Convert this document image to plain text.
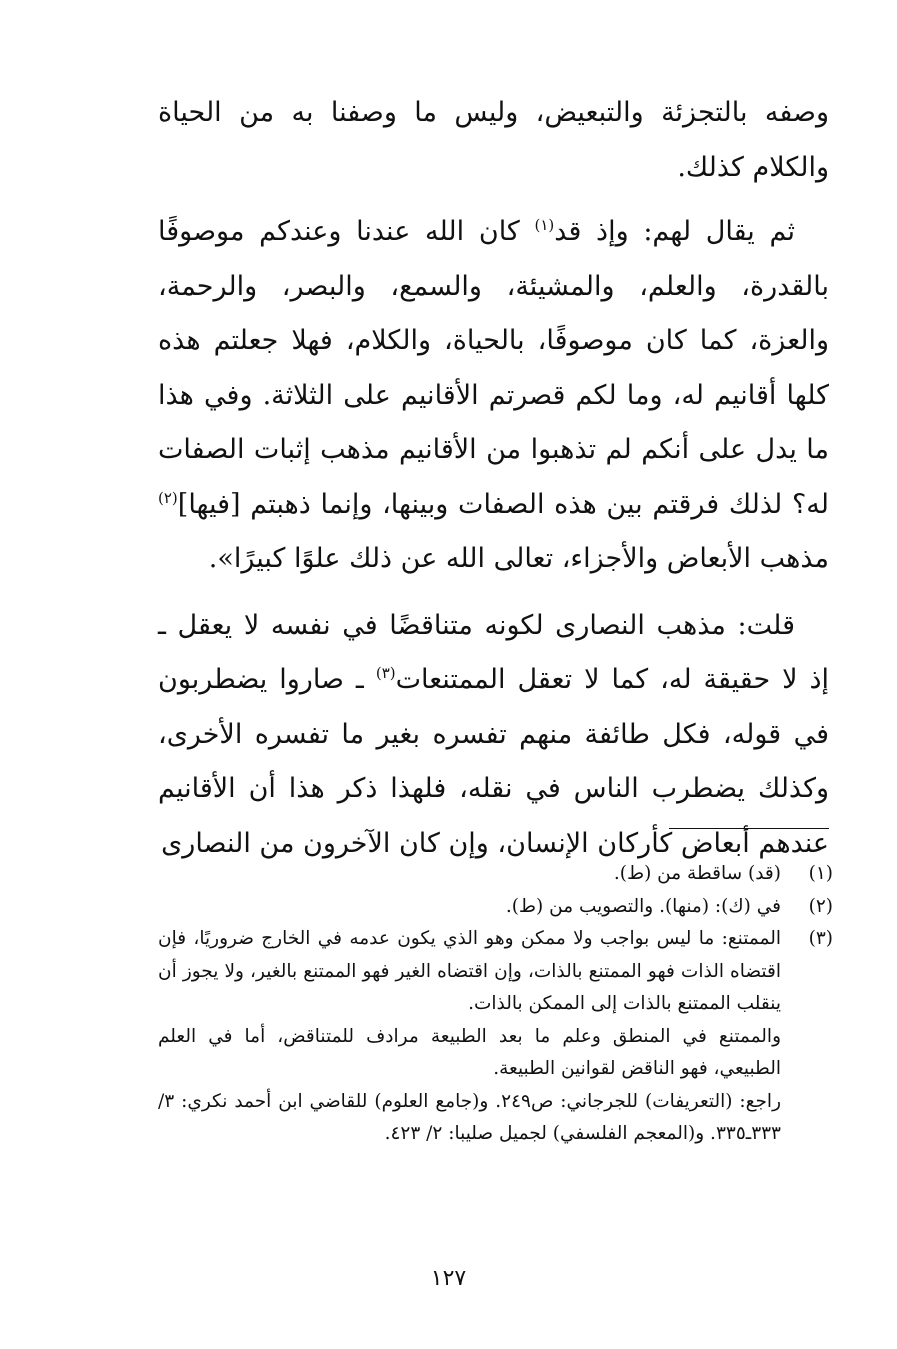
وصفه بالتجزئة والتبعيض، وليس ما وصفنا به من الحياة والكلام كذلك.

ثم يقال لهم: وإذ قد$^{(١)}$ كان الله عندنا وعندكم موصوفًا بالقدرة، والعلم، والمشيئة، والسمع، والبصر، والرحمة، والعزة، كما كان موصوفًا، بالحياة، والكلام، فهلا جعلتم هذه كلها أقانيم له، وما لكم قصرتم الأقانيم على الثلاثة. وفي هذا ما يدل على أنكم لم تذهبوا من الأقانيم مذهب إثبات الصفات له؟ لذلك فرقتم بين هذه الصفات وبينها، وإنما ذهبتم [فيها]$^{(٢)}$ مذهب الأبعاض والأجزاء، تعالى الله عن ذلك علوًا كبيرًا».

قلت: مذهب النصارى لكونه متناقضًا في نفسه لا يعقل ـ إذ لا حقيقة له، كما لا تعقل الممتنعات$^{(٣)}$ ـ صاروا يضطربون في قوله، فكل طائفة منهم تفسره بغير ما تفسره الأخرى، وكذلك يضطرب الناس في نقله، فلهذا ذكر هذا أن الأقانيم عندهم أبعاض كأركان الإنسان، وإن كان الآخرون من النصارى

(١)
(قد) ساقطة من (ط).
(٢)
في (ك): (منها). والتصويب من (ط).
(٣)
الممتنع: ما ليس بواجب ولا ممكن وهو الذي يكون عدمه في الخارج ضروريًا، فإن اقتضاه الذات فهو الممتنع بالذات، وإن اقتضاه الغير فهو الممتنع بالغير، ولا يجوز أن ينقلب الممتنع بالذات إلى الممكن بالذات.
والممتنع في المنطق وعلم ما بعد الطبيعة مرادف للمتناقض، أما في العلم الطبيعي، فهو الناقض لقوانين الطبيعة.
راجع: (التعريفات) للجرجاني: ص٢٤٩. و(جامع العلوم) للقاضي ابن أحمد نكري: ٣/ ٣٣٣ـ٣٣٥. و(المعجم الفلسفي) لجميل صليبا: ٢/ ٤٢٣.
١٢٧
